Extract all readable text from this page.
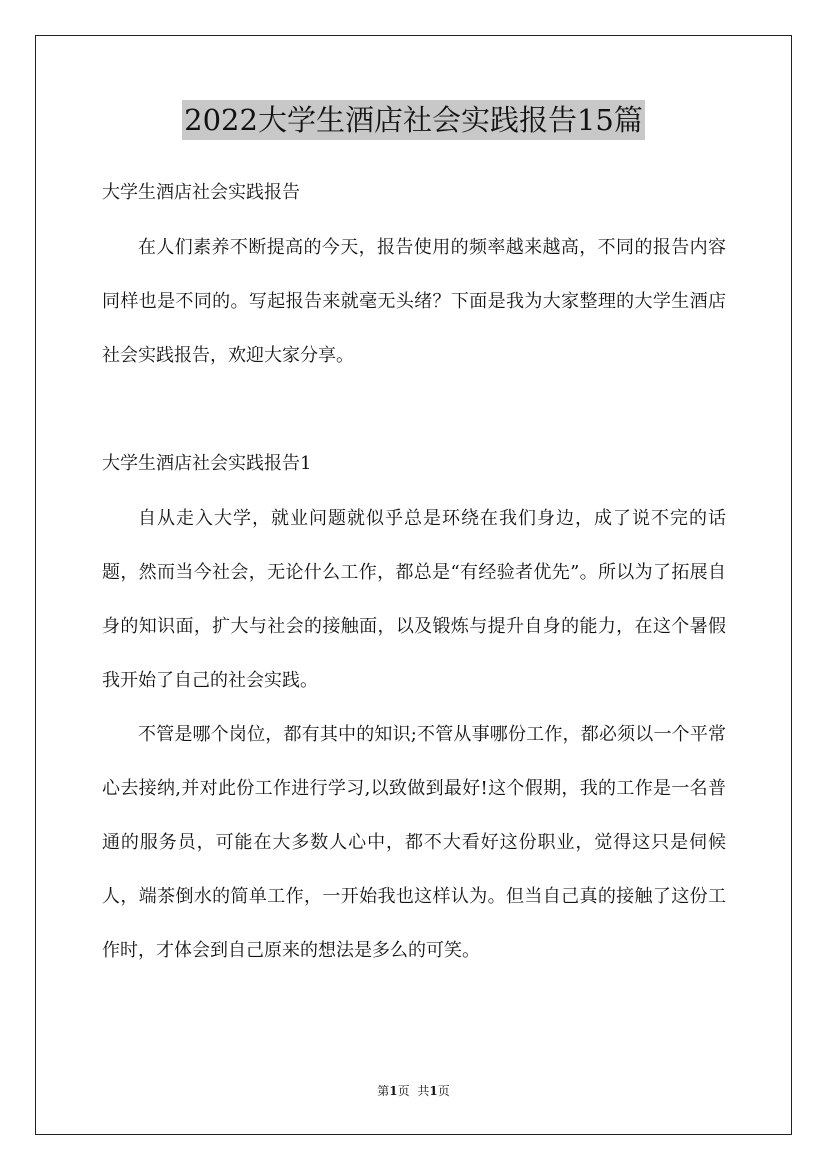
2022大学生酒店社会实践报告15篇

大学生酒店社会实践报告

在人们素养不断提高的今天，报告使用的频率越来越高，不同的报告内容同样也是不同的。写起报告来就毫无头绪？下面是我为大家整理的大学生酒店社会实践报告，欢迎大家分享。

大学生酒店社会实践报告1

自从走入大学，就业问题就似乎总是环绕在我们身边，成了说不完的话题，然而当今社会，无论什么工作，都总是“有经验者优先”。所以为了拓展自身的知识面，扩大与社会的接触面，以及锻炼与提升自身的能力，在这个暑假我开始了自己的社会实践。

不管是哪个岗位，都有其中的知识;不管从事哪份工作，都必须以一个平常心去接纳,并对此份工作进行学习,以致做到最好!这个假期，我的工作是一名普通的服务员，可能在大多数人心中，都不大看好这份职业，觉得这只是伺候人，端茶倒水的简单工作，一开始我也这样认为。但当自己真的接触了这份工作时，才体会到自己原来的想法是多么的可笑。

第1页 共1页
